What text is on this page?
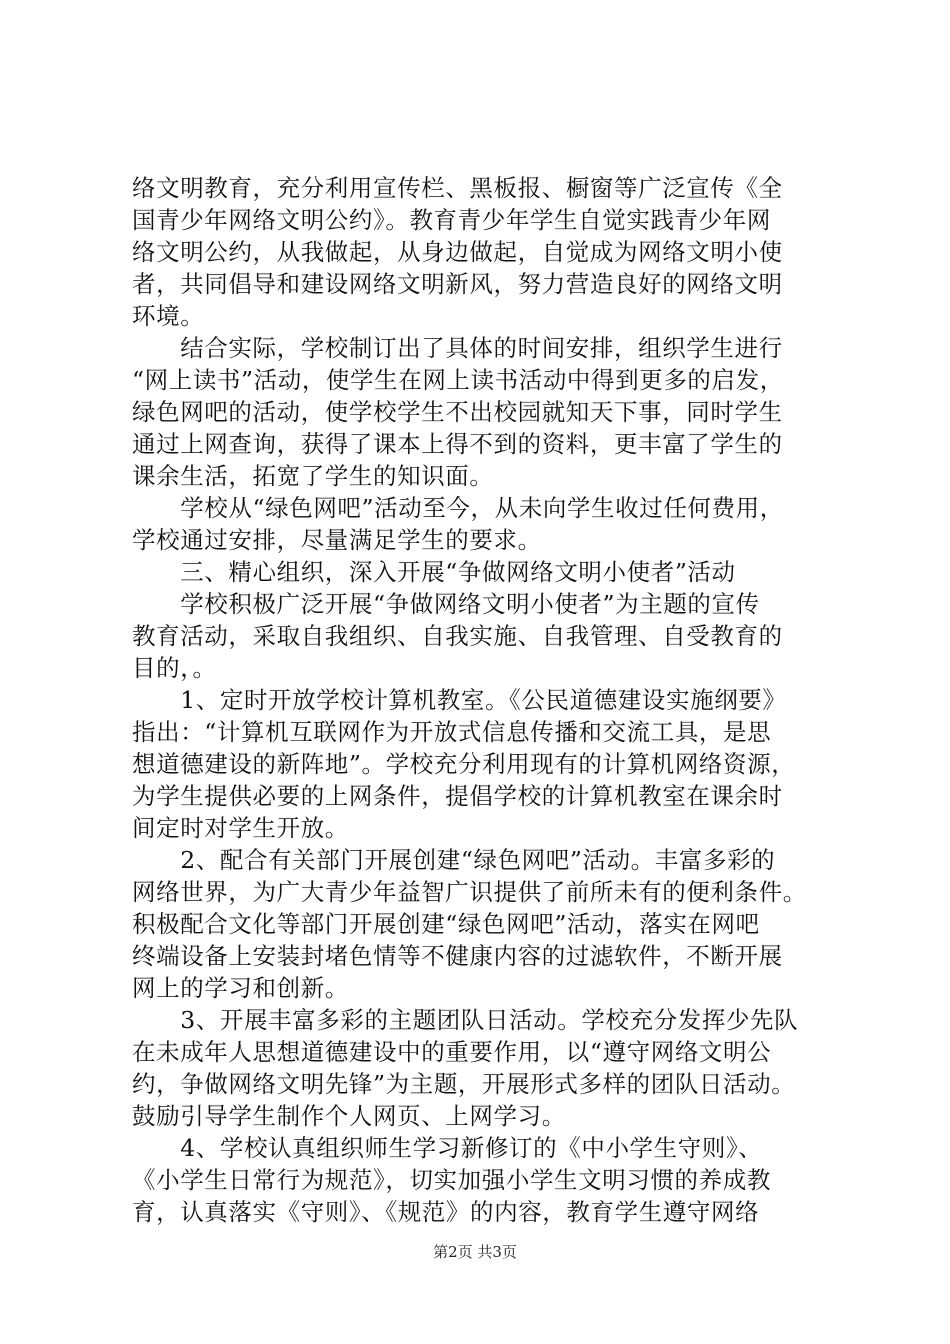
络文明教育，充分利用宣传栏、黑板报、橱窗等广泛宣传《全
国青少年网络文明公约》。教育青少年学生自觉实践青少年网
络文明公约，从我做起，从身边做起，自觉成为网络文明小使
者，共同倡导和建设网络文明新风，努力营造良好的网络文明
环境。
　　结合实际，学校制订出了具体的时间安排，组织学生进行
“网上读书”活动，使学生在网上读书活动中得到更多的启发，
绿色网吧的活动，使学校学生不出校园就知天下事，同时学生
通过上网查询，获得了课本上得不到的资料，更丰富了学生的
课余生活，拓宽了学生的知识面。
　　学校从“绿色网吧”活动至今，从未向学生收过任何费用，
学校通过安排，尽量满足学生的要求。
　　三、精心组织，深入开展“争做网络文明小使者”活动
　　学校积极广泛开展“争做网络文明小使者”为主题的宣传
教育活动，采取自我组织、自我实施、自我管理、自受教育的
目的，。
　　1、定时开放学校计算机教室。《公民道德建设实施纲要》
指出：“计算机互联网作为开放式信息传播和交流工具，是思
想道德建设的新阵地”。学校充分利用现有的计算机网络资源，
为学生提供必要的上网条件，提倡学校的计算机教室在课余时
间定时对学生开放。
　　2、配合有关部门开展创建“绿色网吧”活动。丰富多彩的
网络世界，为广大青少年益智广识提供了前所未有的便利条件。
积极配合文化等部门开展创建“绿色网吧”活动，落实在网吧
终端设备上安装封堵色情等不健康内容的过滤软件，不断开展
网上的学习和创新。
　　3、开展丰富多彩的主题团队日活动。学校充分发挥少先队
在未成年人思想道德建设中的重要作用，以“遵守网络文明公
约，争做网络文明先锋”为主题，开展形式多样的团队日活动。
鼓励引导学生制作个人网页、上网学习。
　　4、学校认真组织师生学习新修订的《中小学生守则》、
《小学生日常行为规范》，切实加强小学生文明习惯的养成教
育，认真落实《守则》、《规范》的内容，教育学生遵守网络
第2页 共3页
